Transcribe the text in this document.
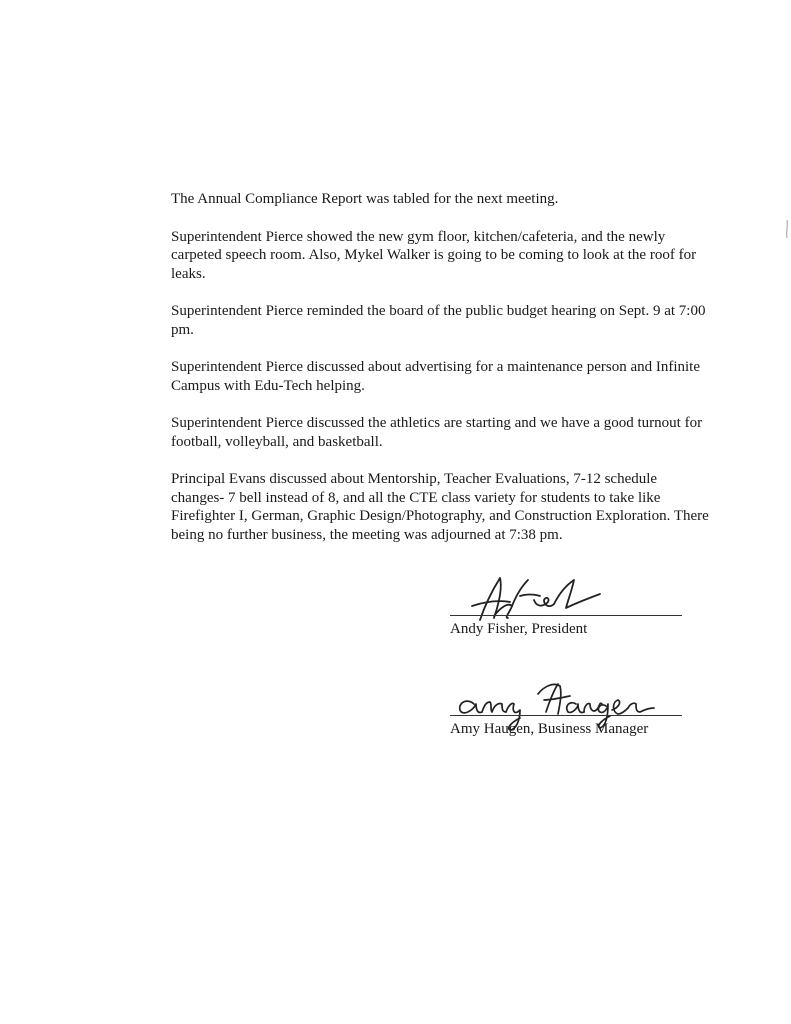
The Annual Compliance Report was tabled for the next meeting.

Superintendent Pierce showed the new gym floor, kitchen/cafeteria, and the newly carpeted speech room. Also, Mykel Walker is going to be coming to look at the roof for leaks.

Superintendent Pierce reminded the board of the public budget hearing on Sept. 9 at 7:00 pm.

Superintendent Pierce discussed about advertising for a maintenance person and Infinite Campus with Edu-Tech helping.

Superintendent Pierce discussed the athletics are starting and we have a good turnout for football, volleyball, and basketball.

Principal Evans discussed about Mentorship, Teacher Evaluations, 7-12 schedule changes- 7 bell instead of 8, and all the CTE class variety for students to take like Firefighter I, German, Graphic Design/Photography, and Construction Exploration. There being no further business, the meeting was adjourned at 7:38 pm.

Andy Fisher, President
Amy Haugen, Business Manager
